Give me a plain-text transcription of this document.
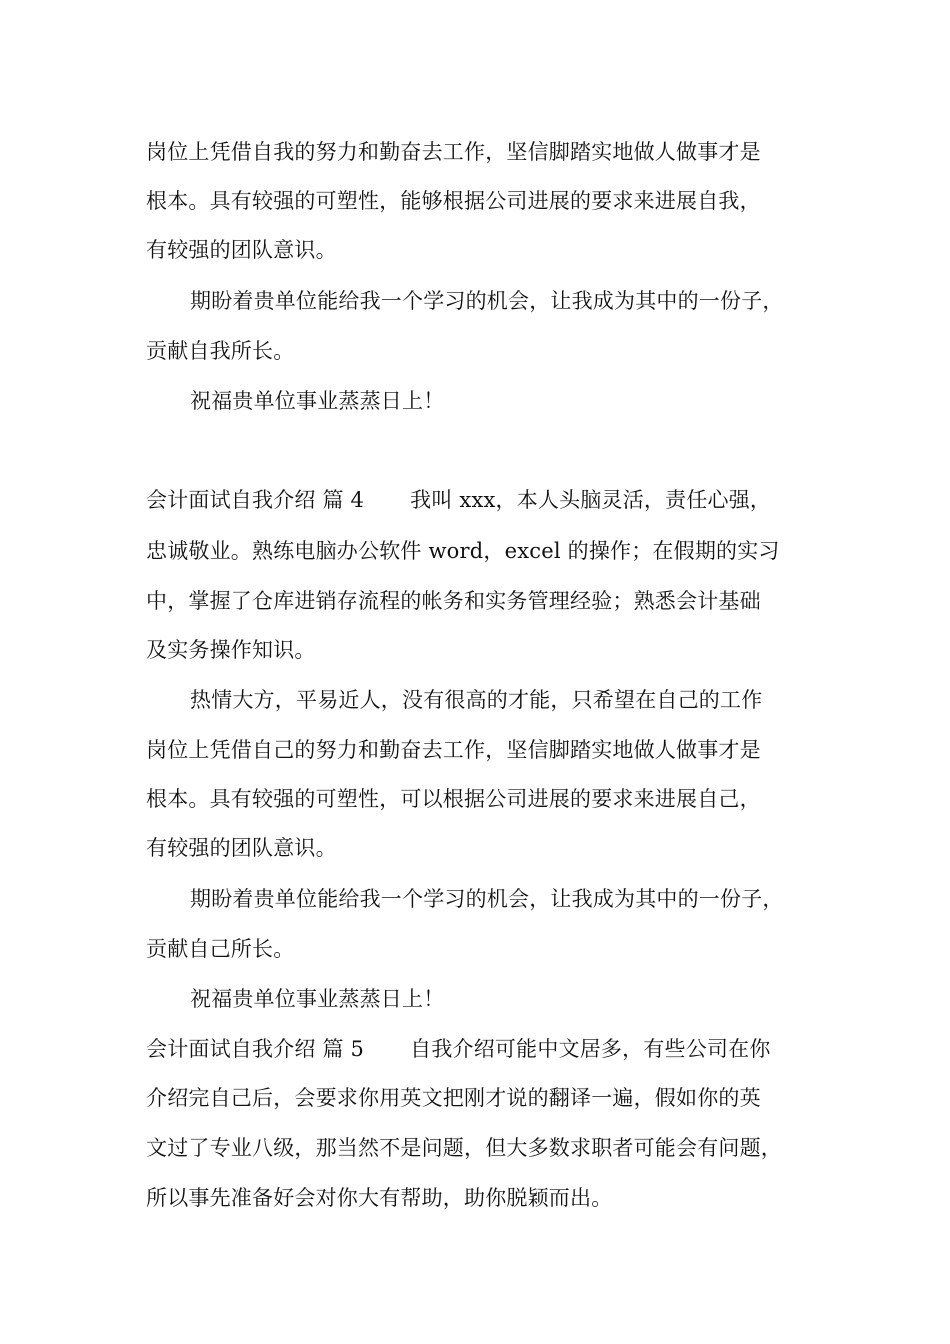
岗位上凭借自我的努力和勤奋去工作，坚信脚踏实地做人做事才是
根本。具有较强的可塑性，能够根据公司进展的要求来进展自我，
有较强的团队意识。
期盼着贵单位能给我一个学习的机会，让我成为其中的一份子，
贡献自我所长。
祝福贵单位事业蒸蒸日上！
会计面试自我介绍 篇 4 我叫 xxx，本人头脑灵活，责任心强，
忠诚敬业。熟练电脑办公软件 word，excel 的操作；在假期的实习
中，掌握了仓库进销存流程的帐务和实务管理经验；熟悉会计基础
及实务操作知识。
热情大方，平易近人，没有很高的才能，只希望在自己的工作
岗位上凭借自己的努力和勤奋去工作，坚信脚踏实地做人做事才是
根本。具有较强的可塑性，可以根据公司进展的要求来进展自己，
有较强的团队意识。
期盼着贵单位能给我一个学习的机会，让我成为其中的一份子，
贡献自己所长。
祝福贵单位事业蒸蒸日上！
会计面试自我介绍 篇 5 自我介绍可能中文居多，有些公司在你
介绍完自己后，会要求你用英文把刚才说的翻译一遍，假如你的英
文过了专业八级，那当然不是问题，但大多数求职者可能会有问题，
所以事先准备好会对你大有帮助，助你脱颖而出。
